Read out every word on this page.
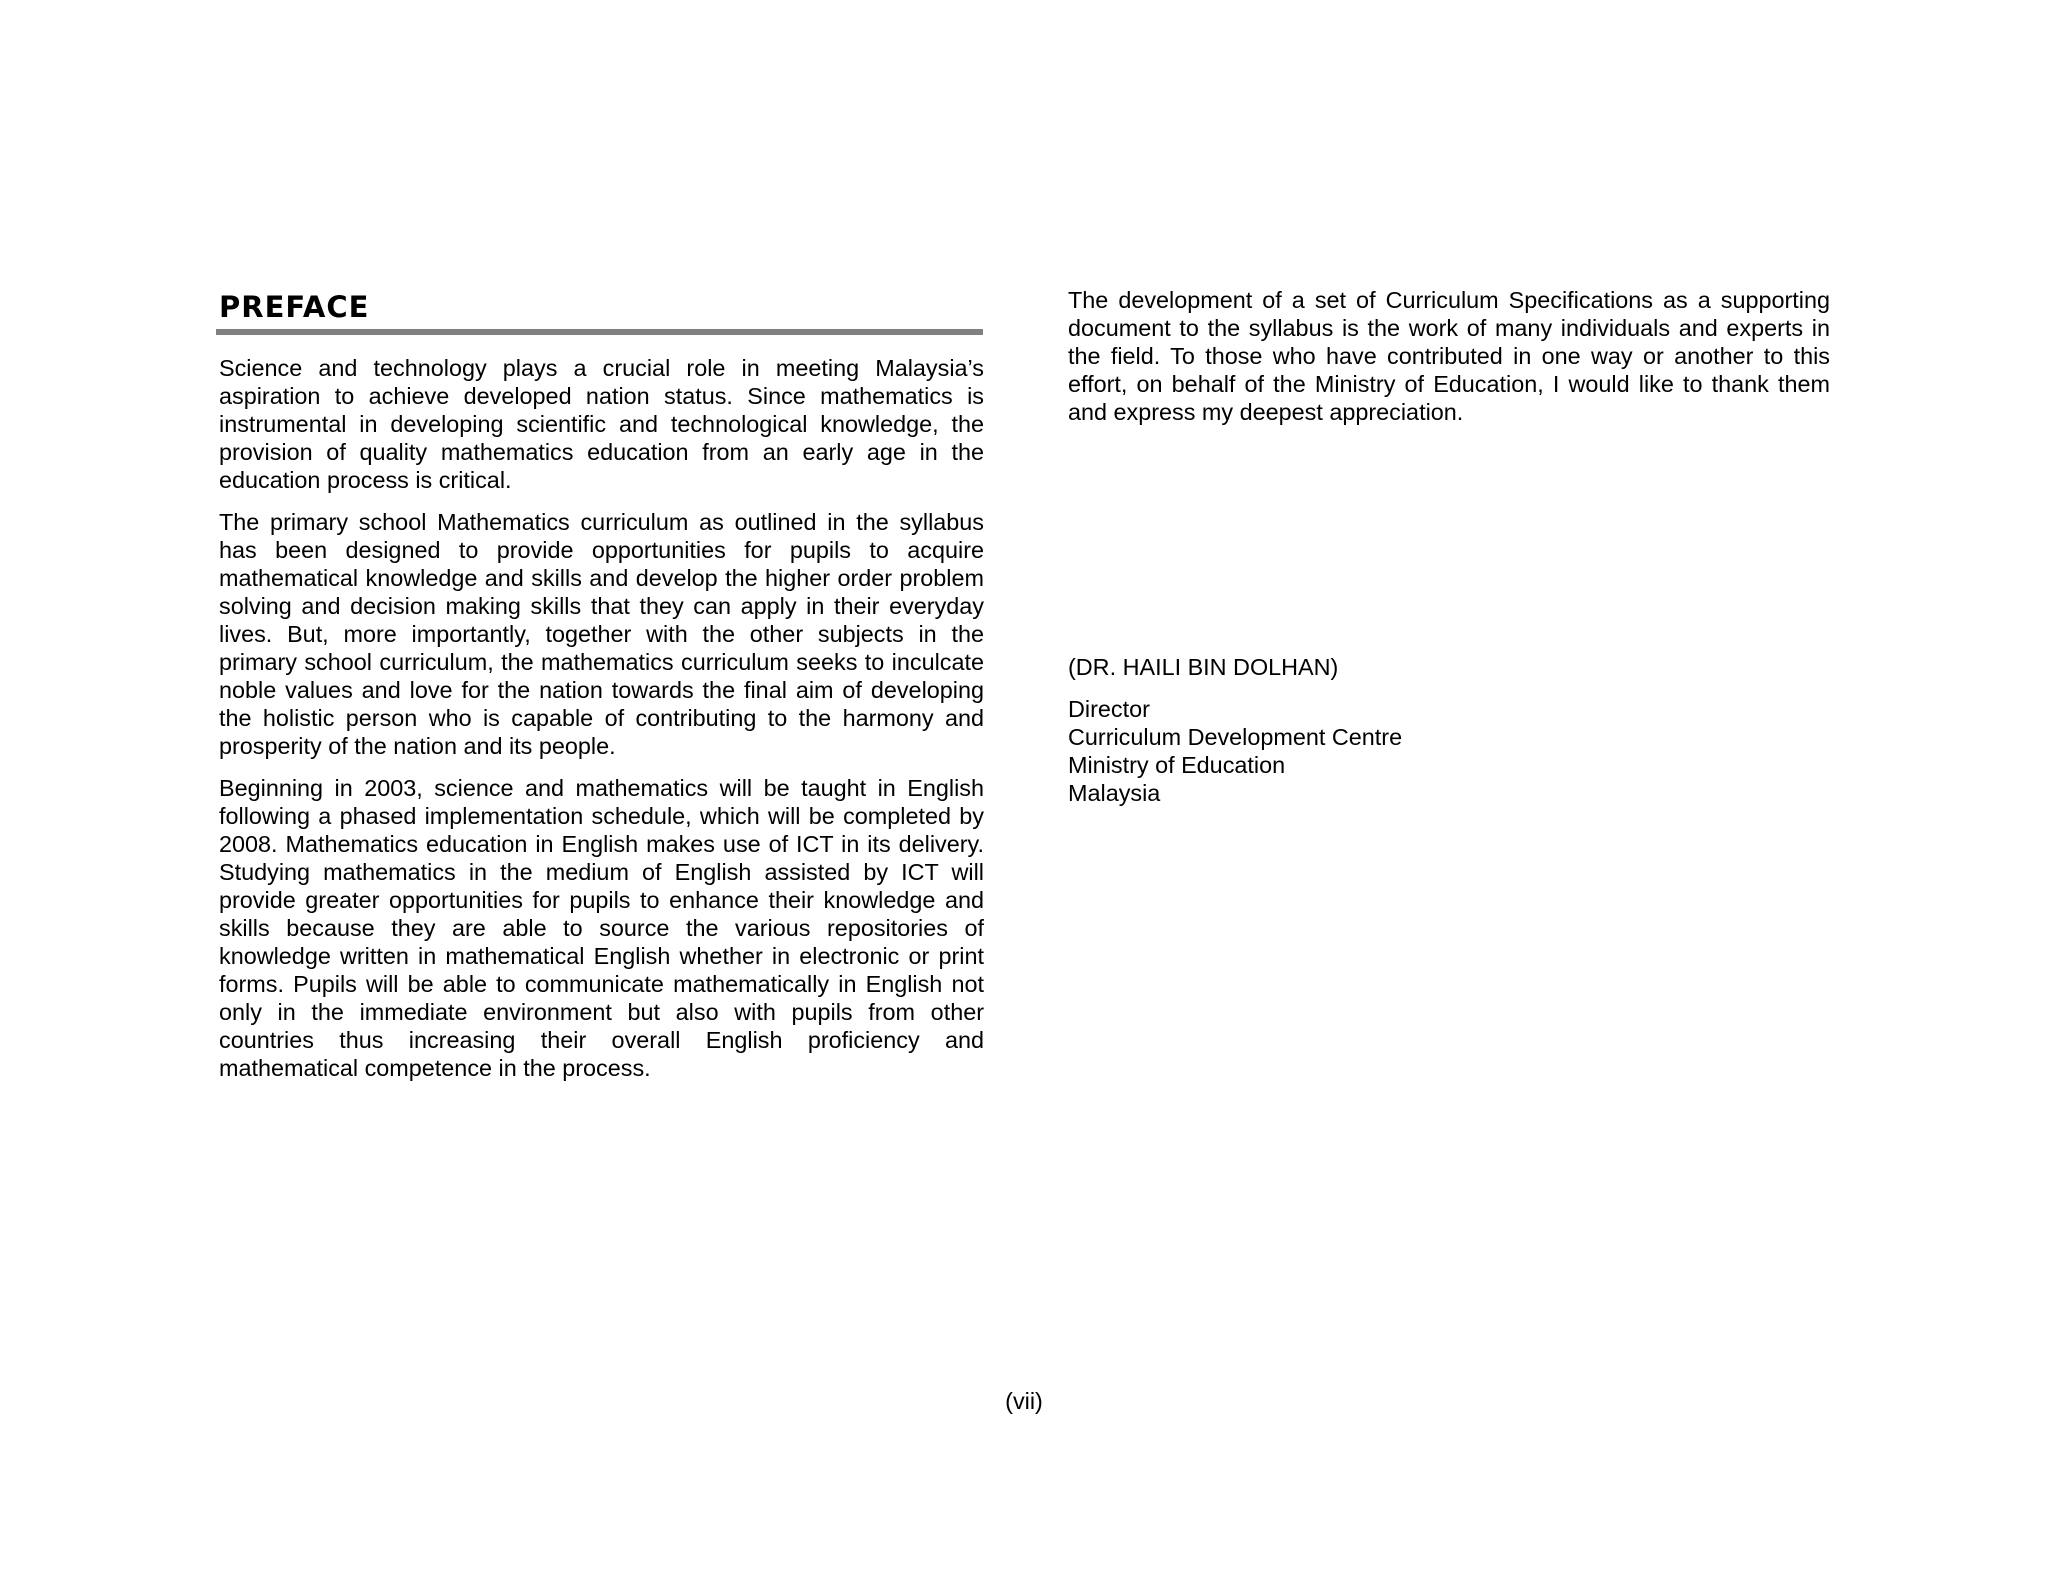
PREFACE

Science and technology plays a crucial role in meeting Malaysia’s aspiration to achieve developed nation status. Since mathematics is instrumental in developing scientific and technological knowledge, the provision of quality mathematics education from an early age in the education process is critical.

The primary school Mathematics curriculum as outlined in the syllabus has been designed to provide opportunities for pupils to acquire mathematical knowledge and skills and develop the higher order problem solving and decision making skills that they can apply in their everyday lives. But, more importantly, together with the other subjects in the primary school curriculum, the mathematics curriculum seeks to inculcate noble values and love for the nation towards the final aim of developing the holistic person who is capable of contributing to the harmony and prosperity of the nation and its people.

Beginning in 2003, science and mathematics will be taught in English following a phased implementation schedule, which will be completed by 2008. Mathematics education in English makes use of ICT in its delivery. Studying mathematics in the medium of English assisted by ICT will provide greater opportunities for pupils to enhance their knowledge and skills because they are able to source the various repositories of knowledge written in mathematical English whether in electronic or print forms. Pupils will be able to communicate mathematically in English not only in the immediate environment but also with pupils from other countries thus increasing their overall English proficiency and mathematical competence in the process.

The development of a set of Curriculum Specifications as a supporting document to the syllabus is the work of many individuals and experts in the field. To those who have contributed in one way or another to this effort, on behalf of the Ministry of Education, I would like to thank them and express my deepest appreciation.

(DR. HAILI BIN DOLHAN)
Director
Curriculum Development Centre
Ministry of Education
Malaysia
(vii)
